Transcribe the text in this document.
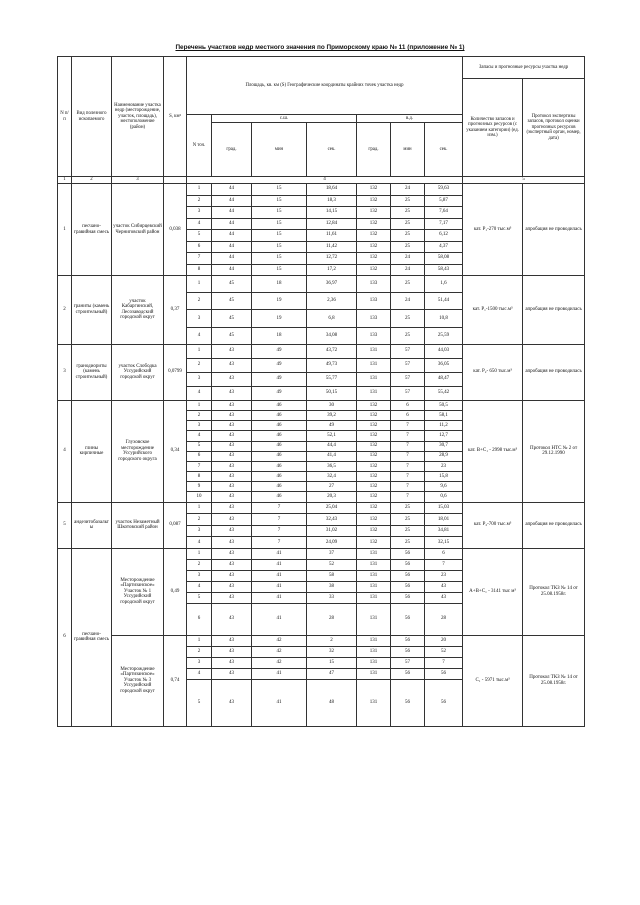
Перечень участков недр местного значения по Приморскому краю № 11 (приложение № 1)
N п/п	Вид полезного ископаемого	Наименование участка недр (месторождение, участок, площадь), местоположение (район)	S, км²	Площадь, кв. км (S) Географические координаты крайних точек участка недр							Запасы и прогнозные ресурсы участка недр	
											Количество запасов и прогнозных ресурсов (с указанием категории) (ед. изм.)	Протокол экспертизы запасов, протокол оценки прогнозных ресурсов (экспертный орган, номер, дата)
				N точ.	с.ш.			в.д.				
					град.	мин	сек.	град.	мин	сек.		
1	2	3		4							5	
1	песчано-гравийная смесь	участок Сибирцевский Черниговский район	0,038	1	44	15	18,64	132	24	59,63	кат. P₁-270 тыс.м³	апробация не проводилась
				2	44	15	18,3	132	25	5,87		
				3	44	15	14,15	132	25	7,64		
				4	44	15	12,84	132	25	7,17		
				5	44	15	11,61	132	25	6,12		
				6	44	15	11,42	132	25	4,37		
				7	44	15	12,72	132	24	58,08		
				8	44	15	17,2	132	24	58,43		
2	граниты (камень строительный)	участок Кабаргинский, Лесозаводский городской округ	0,37	1	45	18	36,97	133	25	1,6	кат. P₁-1500 тыс.м³	апробация не проводилась
				2	45	19	2,36	133	24	51,44		
				3	45	19	6,8	133	25	10,8		
				4	45	18	34,08	133	25	25,59		
3	гранодиориты (камень строительный)	участок Слободка Уссурийский городской округ	0,0799	1	43	49	43,72	131	57	44,03	кат. P₂- 650 тыс.м³	апробация не проводилась
				2	43	49	49,73	131	57	36,05		
				3	43	49	55,77	131	57	48,47		
				4	43	49	50,15	131	57	55,42		
4	глины кирпичные	Глуховское месторождение Уссурийского городского округа	0,34	1	43	46	30	132	6	50,5	кат. B+C₁ - 2998 тыс.м³	Протокол НТС № 2 от 29.12.1990
				2	43	46	39,2	132	6	58,1		
				3	43	46	49	132	7	11,2		
				4	43	46	52,1	132	7	12,7		
				5	43	46	44,4	132	7	30,7		
				6	43	46	41,4	132	7	28,9		
				7	43	46	36,5	132	7	23		
				8	43	46	32,4	132	7	15,8		
				9	43	46	27	132	7	9,6		
				10	43	46	20,3	132	7	0,6		
5	андезитобазальты	участок Незаметный Шкотовский район	0,087	1	43	7	25,04	132	25	15,03	кат. P₂-700 тыс.м³	апробация не проводилась
				2	43	7	32,43	132	25	18,01		
				3	43	7	31,02	132	25	34,81		
				4	43	7	24,09	132	25	32,15		
6	песчано-гравийная смесь	Месторождение «Партизанское» Участок № 1 Уссурийский городской округ	0,49	1	43	41	37	131	56	6	A+B+C₁ - 3141 тыс м³	Протокол ТКЗ № 14 от 25.08.1958г.
				2	43	41	52	131	56	7		
				3	43	41	58	131	56	23		
				4	43	41	38	131	56	43		
				5	43	41	33	131	56	43		
				6	43	41	28	131	56	28		
		Месторождение «Партизанское» Участок № 3 Уссурийский городской округ	0,74	1	43	42	2	131	56	20	C₁ - 5971 тыс.м³	Протокол ТКЗ № 14 от 25.08.1958г.
				2	43	42	32	131	56	52		
				3	43	42	15	131	57	7		
				4	43	41	47	131	56	56		
				5	43	41	48	131	56	56		
